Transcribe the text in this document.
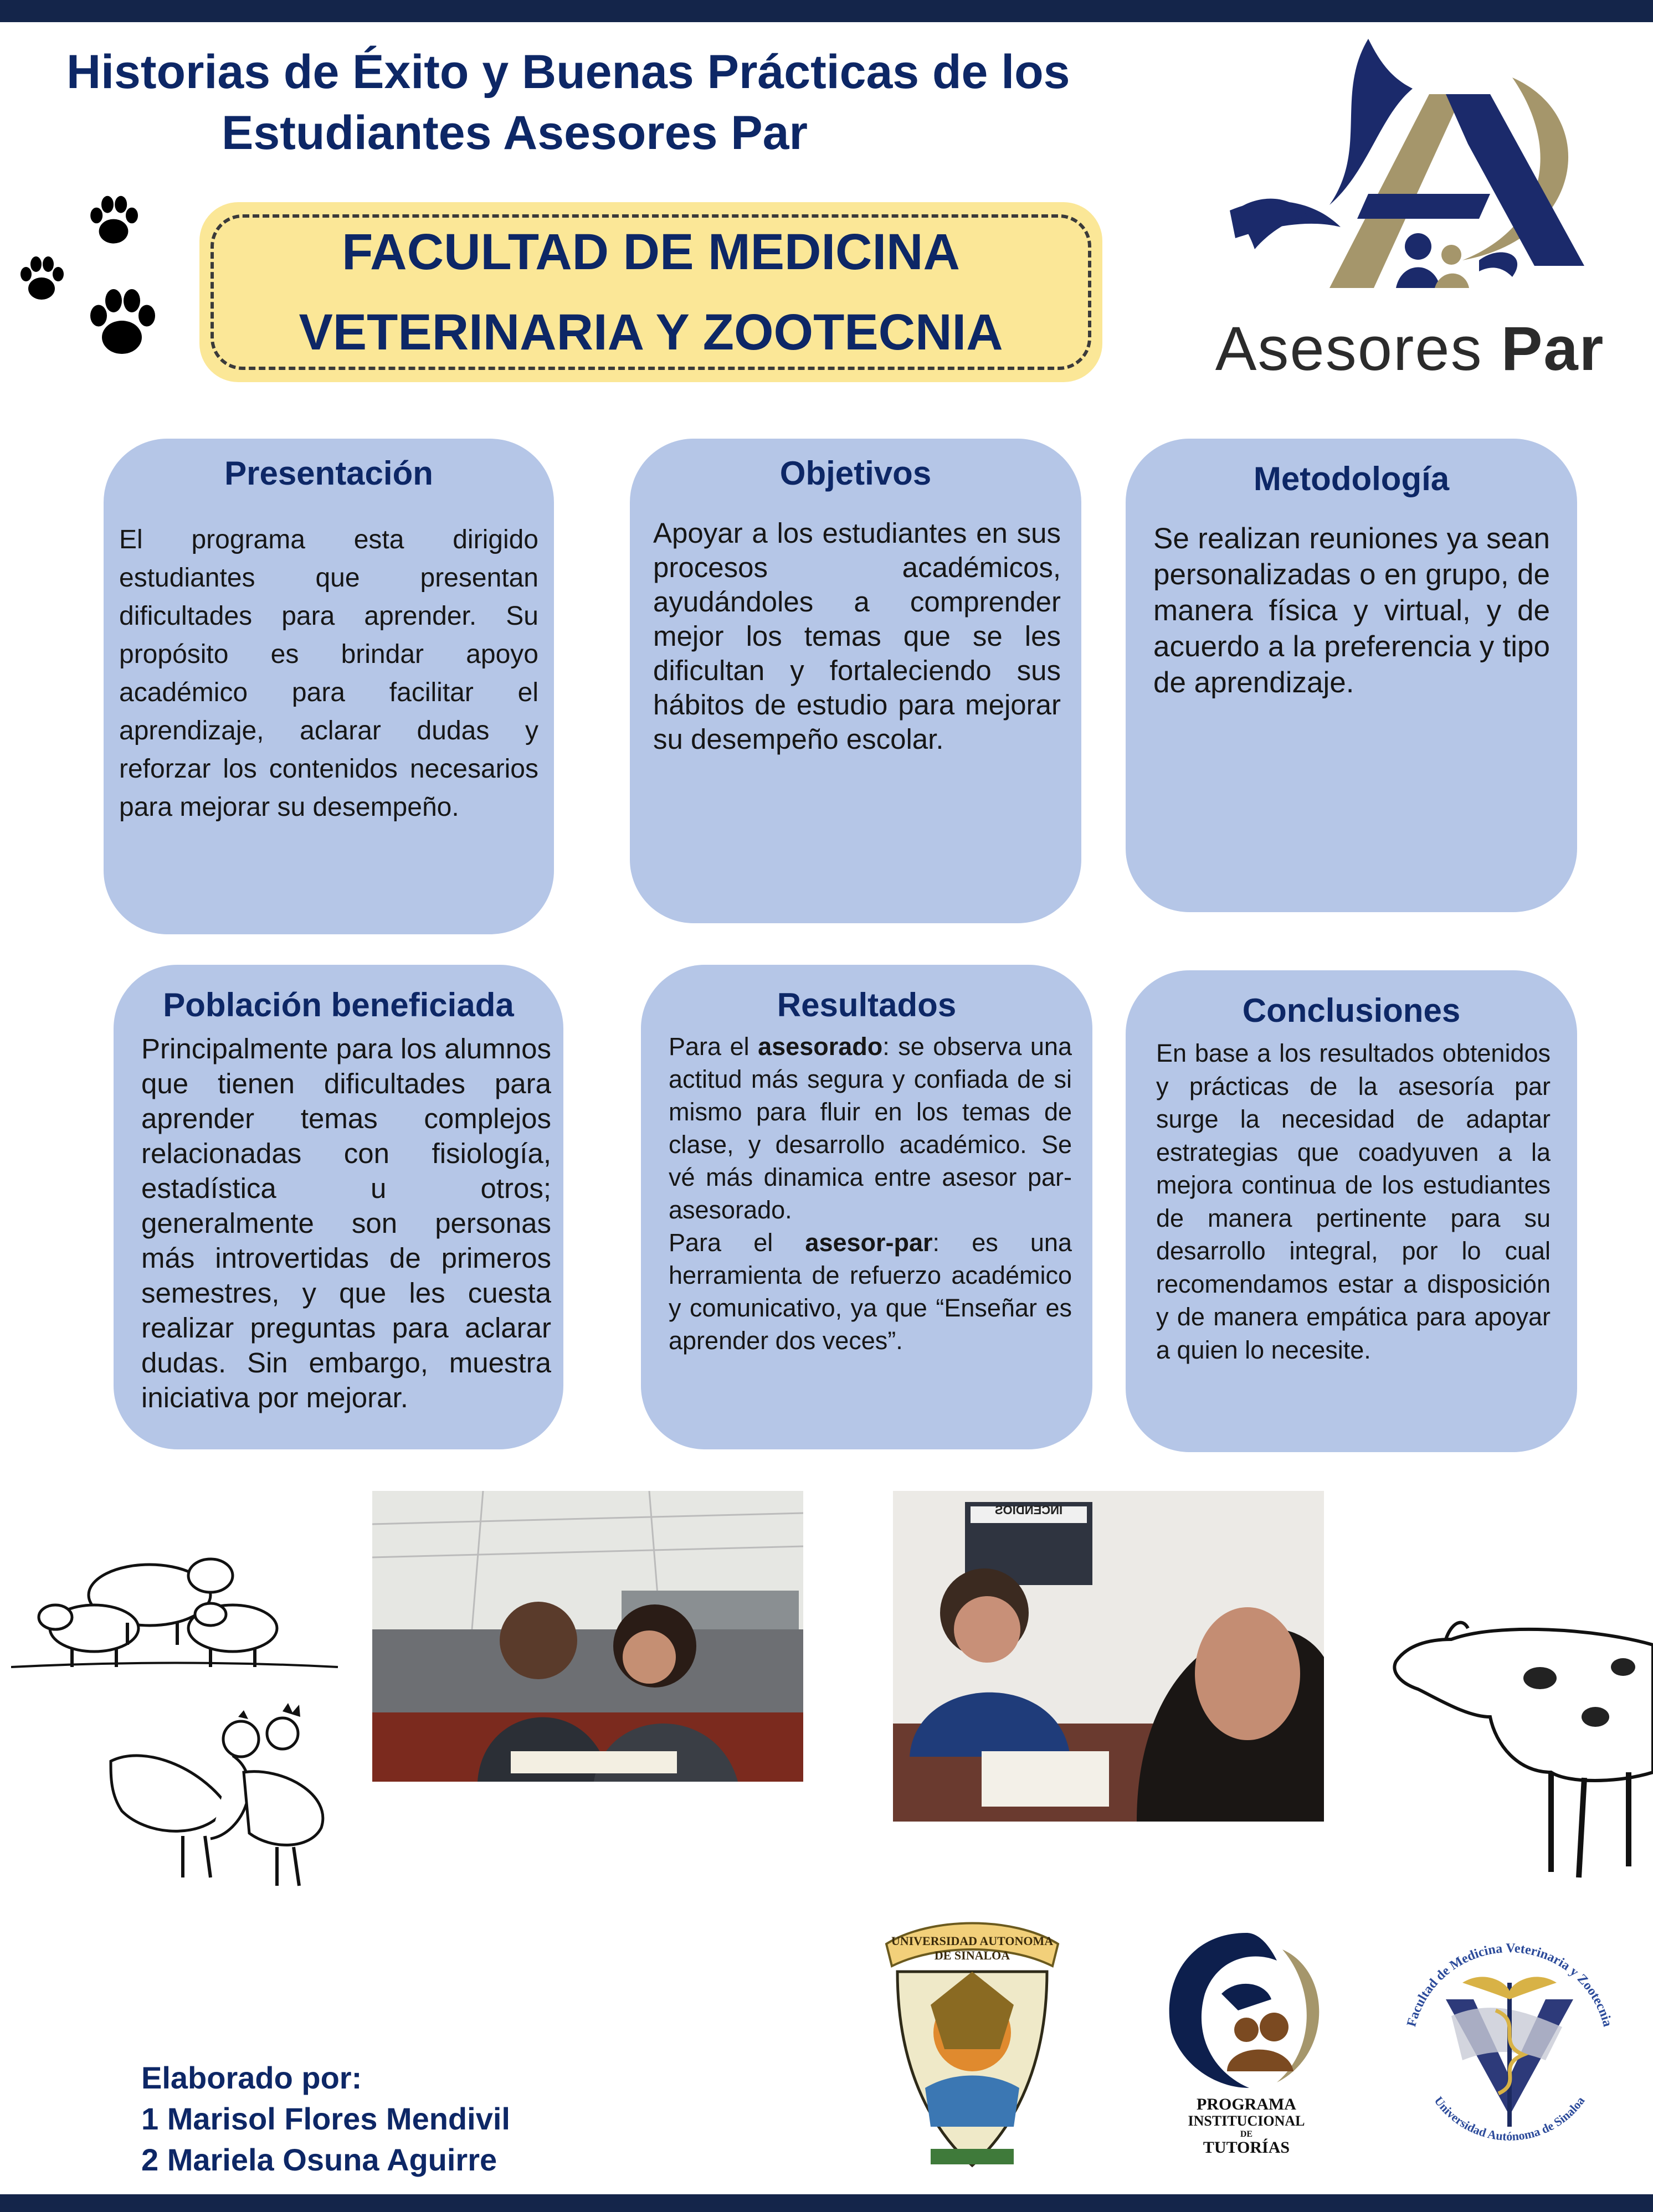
Historias de Éxito y Buenas Prácticas de los
Estudiantes Asesores Par
FACULTAD DE MEDICINA
VETERINARIA Y ZOOTECNIA	Asesores Par
Presentación

El programa esta dirigido estudiantes que presentan dificultades para aprender. Su propósito es brindar apoyo académico para facilitar el aprendizaje, aclarar dudas y reforzar los contenidos necesarios para mejorar su desempeño.

Objetivos

Apoyar a los estudiantes en sus procesos académicos, ayudándoles a comprender mejor los temas que se les dificultan y fortaleciendo sus hábitos de estudio para mejorar su desempeño escolar.

Metodología

Se realizan reuniones ya sean personalizadas o en grupo, de manera física y virtual, y de acuerdo a la preferencia y tipo de aprendizaje.

Población beneficiada

Principalmente para los alumnos que tienen dificultades para aprender temas complejos relacionadas con fisiología, estadística u otros; generalmente son personas más introvertidas de primeros semestres, y que les cuesta realizar preguntas para aclarar dudas. Sin embargo, muestra iniciativa por mejorar.

Resultados

Para el asesorado: se observa una actitud más segura y confiada de si mismo para fluir en los temas de clase, y desarrollo académico. Se vé más dinamica entre asesor par-asesorado.

Para el asesor-par: es una herramienta de refuerzo académico y comunicativo, ya que “Enseñar es aprender dos veces”.

Conclusiones

En base a los resultados obtenidos y prácticas de la asesoría par surge la necesidad de adaptar estrategias que coadyuven a la mejora continua de los estudiantes de manera pertinente para su desarrollo integral, por lo cual recomendamos estar a disposición y de manera empática para apoyar a quien lo necesite.

INCENDIOS
Elaborado por:
1 Marisol Flores Mendivil
2 Mariela Osuna Aguirre
UNIVERSIDAD AUTONOMA DE SINALOA
PROGRAMA
INSTITUCIONAL
DE
TUTORÍAS
Facultad de Medicina Veterinaria y Zootecnia
Universidad Autónoma de Sinaloa
